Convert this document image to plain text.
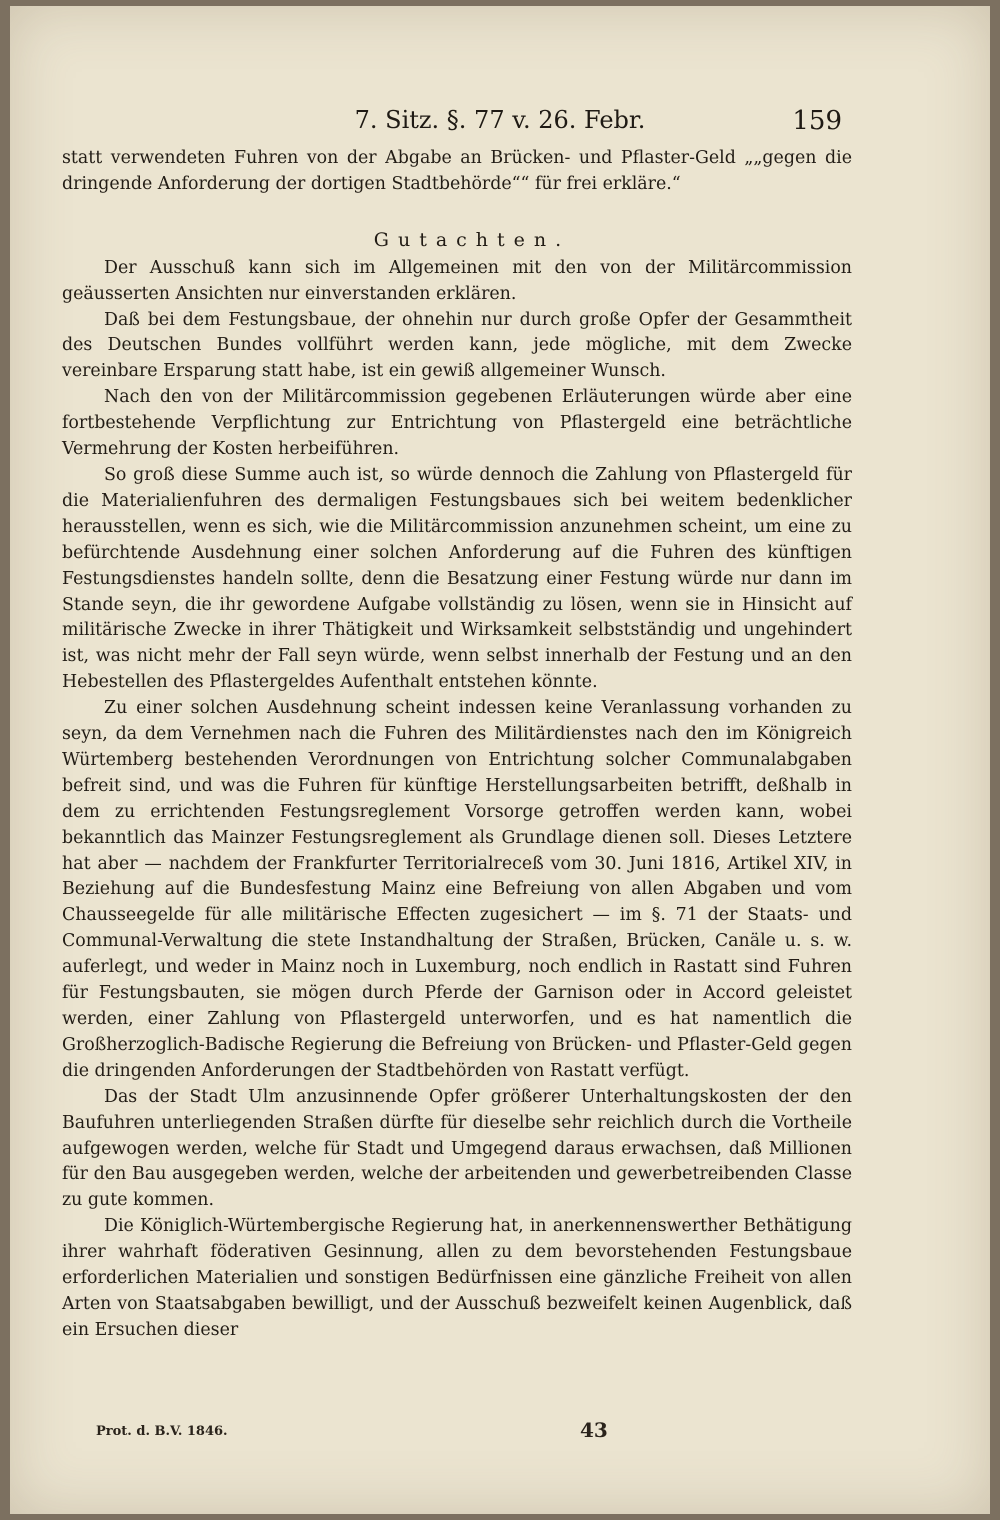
7. Sitz. §. 77 v. 26. Febr.	159

statt verwendeten Fuhren von der Abgabe an Brücken- und Pflaster-Geld „„gegen die dringende Anforderung der dortigen Stadtbehörde““ für frei erkläre.“

Gutachten.

Der Ausschuß kann sich im Allgemeinen mit den von der Militärcommission geäusserten Ansichten nur einverstanden erklären.

Daß bei dem Festungsbaue, der ohnehin nur durch große Opfer der Gesammtheit des Deutschen Bundes vollführt werden kann, jede mögliche, mit dem Zwecke vereinbare Ersparung statt habe, ist ein gewiß allgemeiner Wunsch.

Nach den von der Militärcommission gegebenen Erläuterungen würde aber eine fortbestehende Verpflichtung zur Entrichtung von Pflastergeld eine beträchtliche Vermehrung der Kosten herbeiführen.

So groß diese Summe auch ist, so würde dennoch die Zahlung von Pflastergeld für die Materialienfuhren des dermaligen Festungsbaues sich bei weitem bedenklicher herausstellen, wenn es sich, wie die Militärcommission anzunehmen scheint, um eine zu befürchtende Ausdehnung einer solchen Anforderung auf die Fuhren des künftigen Festungsdienstes handeln sollte, denn die Besatzung einer Festung würde nur dann im Stande seyn, die ihr gewordene Aufgabe vollständig zu lösen, wenn sie in Hinsicht auf militärische Zwecke in ihrer Thätigkeit und Wirksamkeit selbstständig und ungehindert ist, was nicht mehr der Fall seyn würde, wenn selbst innerhalb der Festung und an den Hebestellen des Pflastergeldes Aufenthalt entstehen könnte.

Zu einer solchen Ausdehnung scheint indessen keine Veranlassung vorhanden zu seyn, da dem Vernehmen nach die Fuhren des Militärdienstes nach den im Königreich Würtemberg bestehenden Verordnungen von Entrichtung solcher Communalabgaben befreit sind, und was die Fuhren für künftige Herstellungsarbeiten betrifft, deßhalb in dem zu errichtenden Festungsreglement Vorsorge getroffen werden kann, wobei bekanntlich das Mainzer Festungsreglement als Grundlage dienen soll. Dieses Letztere hat aber — nachdem der Frankfurter Territorialreceß vom 30. Juni 1816, Artikel XIV, in Beziehung auf die Bundesfestung Mainz eine Befreiung von allen Abgaben und vom Chausseegelde für alle militärische Effecten zugesichert — im §. 71 der Staats- und Communal-Verwaltung die stete Instandhaltung der Straßen, Brücken, Canäle u. s. w. auferlegt, und weder in Mainz noch in Luxemburg, noch endlich in Rastatt sind Fuhren für Festungsbauten, sie mögen durch Pferde der Garnison oder in Accord geleistet werden, einer Zahlung von Pflastergeld unterworfen, und es hat namentlich die Großherzoglich-Badische Regierung die Befreiung von Brücken- und Pflaster-Geld gegen die dringenden Anforderungen der Stadtbehörden von Rastatt verfügt.

Das der Stadt Ulm anzusinnende Opfer größerer Unterhaltungskosten der den Baufuhren unterliegenden Straßen dürfte für dieselbe sehr reichlich durch die Vortheile aufgewogen werden, welche für Stadt und Umgegend daraus erwachsen, daß Millionen für den Bau ausgegeben werden, welche der arbeitenden und gewerbetreibenden Classe zu gute kommen.

Die Königlich-Würtembergische Regierung hat, in anerkennenswerther Bethätigung ihrer wahrhaft föderativen Gesinnung, allen zu dem bevorstehenden Festungsbaue erforderlichen Materialien und sonstigen Bedürfnissen eine gänzliche Freiheit von allen Arten von Staatsabgaben bewilligt, und der Ausschuß bezweifelt keinen Augenblick, daß ein Ersuchen dieser

Prot. d. B.V. 1846.	43
